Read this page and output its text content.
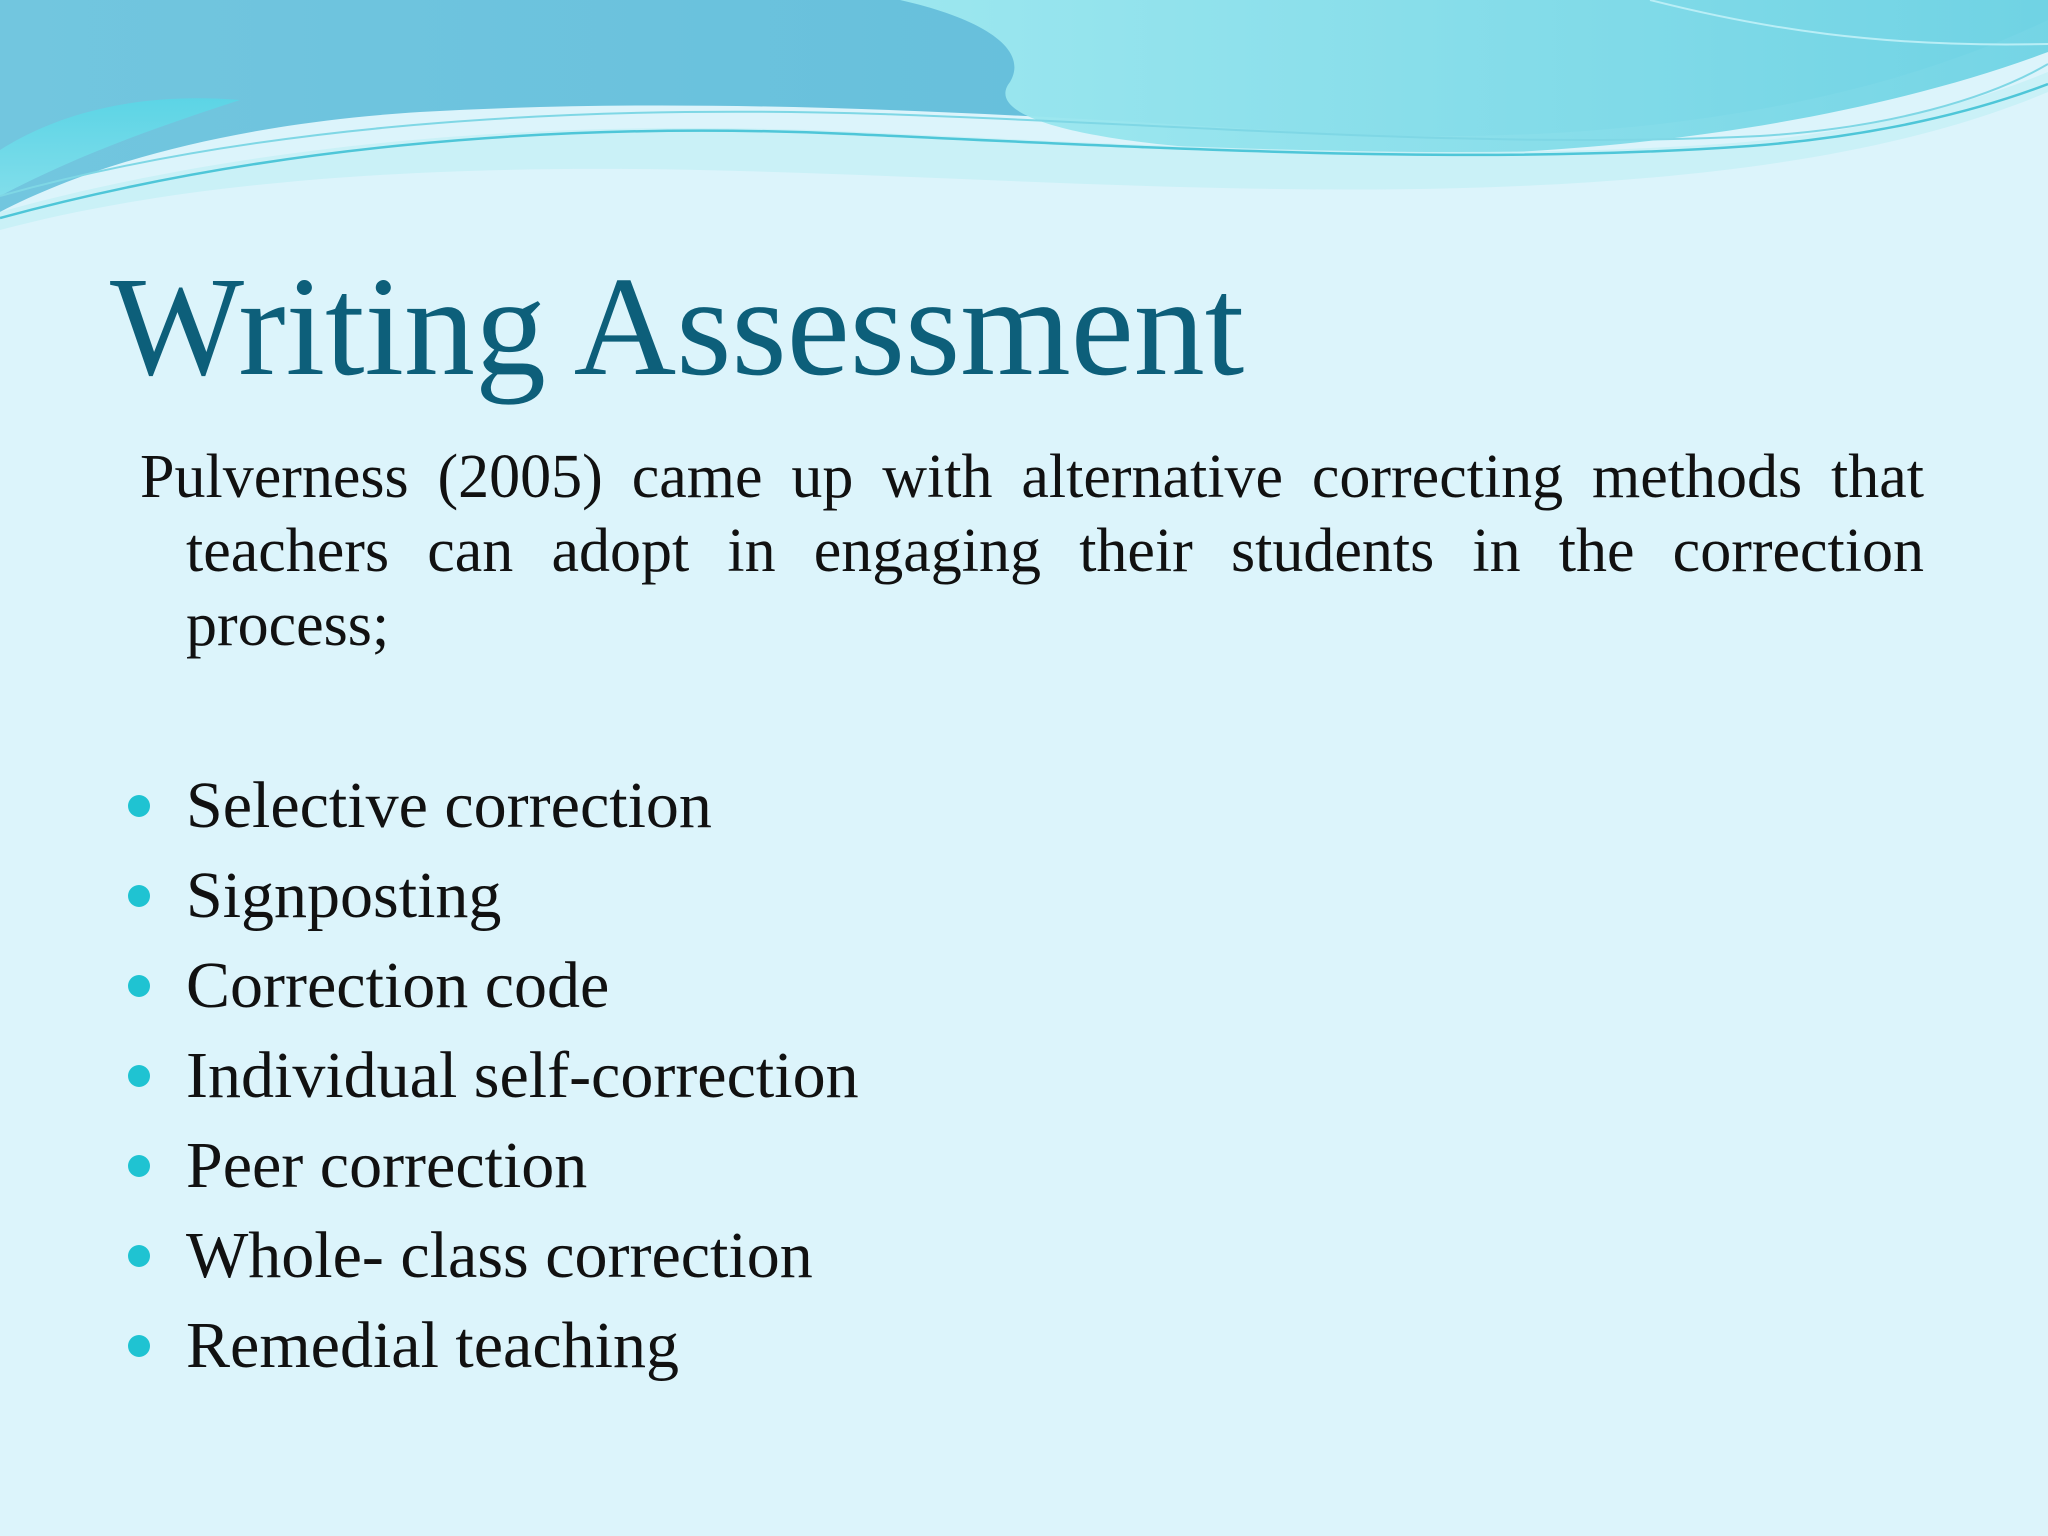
Writing Assessment

Pulverness (2005) came up with alternative correcting methods that teachers can adopt in engaging their students in the correction process;

Selective correction
Signposting
Correction code
Individual self-correction
Peer correction
Whole- class correction
Remedial teaching
